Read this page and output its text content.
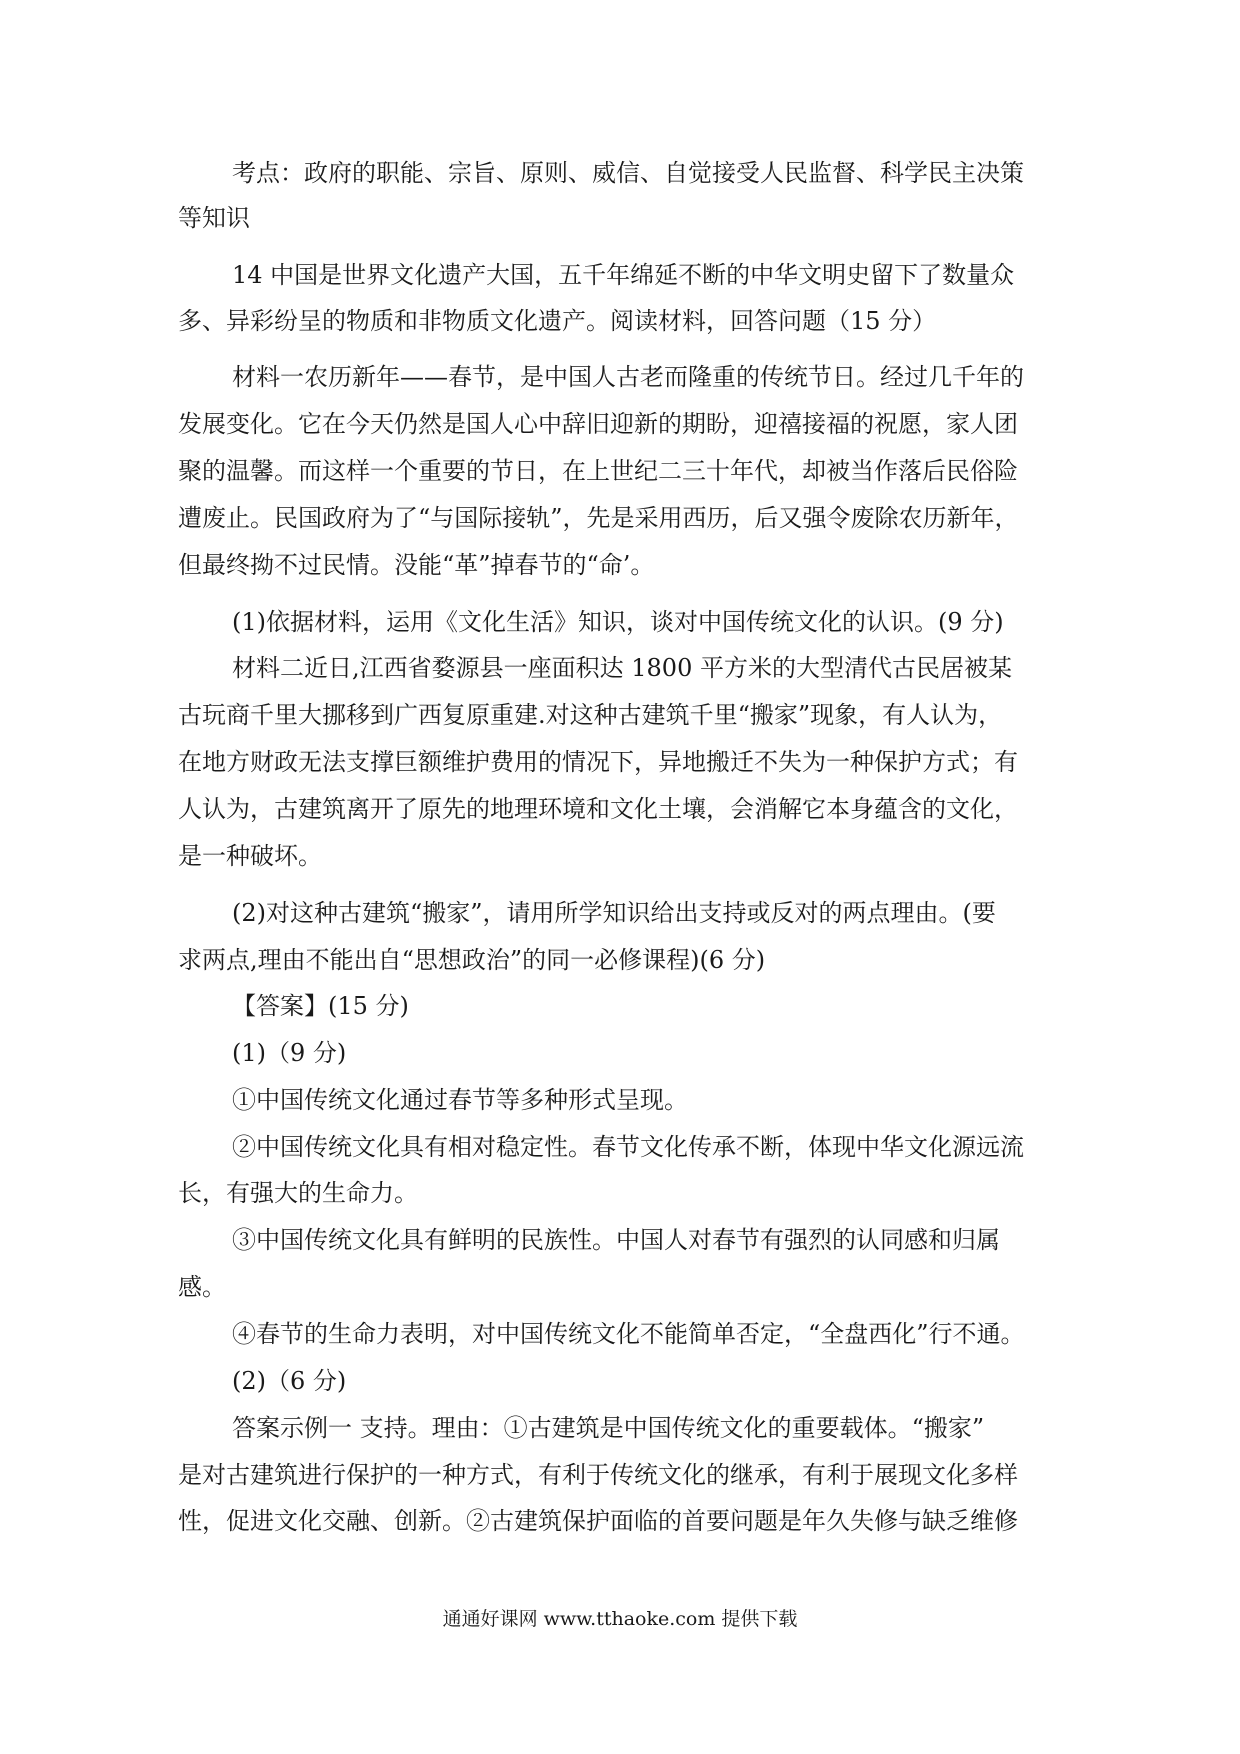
考点：政府的职能、宗旨、原则、威信、自觉接受人民监督、科学民主决策
等知识
14 中国是世界文化遗产大国，五千年绵延不断的中华文明史留下了数量众
多、异彩纷呈的物质和非物质文化遗产。阅读材料，回答问题（15 分）
材料一农历新年——春节，是中国人古老而隆重的传统节日。经过几千年的
发展变化。它在今天仍然是国人心中辞旧迎新的期盼，迎禧接福的祝愿，家人团
聚的温馨。而这样一个重要的节日，在上世纪二三十年代，却被当作落后民俗险
遭废止。民国政府为了“与国际接轨”，先是采用西历，后又强令废除农历新年，
但最终拗不过民情。没能“革”掉春节的“命’。
(1)依据材料，运用《文化生活》知识，谈对中国传统文化的认识。(9 分)
材料二近日,江西省婺源县一座面积达 1800 平方米的大型清代古民居被某
古玩商千里大挪移到广西复原重建.对这种古建筑千里“搬家”现象，有人认为，
在地方财政无法支撑巨额维护费用的情况下，异地搬迁不失为一种保护方式；有
人认为，古建筑离开了原先的地理环境和文化土壤，会消解它本身蕴含的文化，
是一种破坏。
(2)对这种古建筑“搬家”，请用所学知识给出支持或反对的两点理由。(要
求两点,理由不能出自“思想政治”的同一必修课程)(6 分)
【答案】(15 分)
(1)（9 分)
①中国传统文化通过春节等多种形式呈现。
②中国传统文化具有相对稳定性。春节文化传承不断，体现中华文化源远流
长，有强大的生命力。
③中国传统文化具有鲜明的民族性。中国人对春节有强烈的认同感和归属
感。
④春节的生命力表明，对中国传统文化不能简单否定，“全盘西化”行不通。
(2)（6 分)
答案示例一 支持。理由：①古建筑是中国传统文化的重要载体。“搬家”
是对古建筑进行保护的一种方式，有利于传统文化的继承，有利于展现文化多样
性，促进文化交融、创新。②古建筑保护面临的首要问题是年久失修与缺乏维修
通通好课网 www.tthaoke.com 提供下载
